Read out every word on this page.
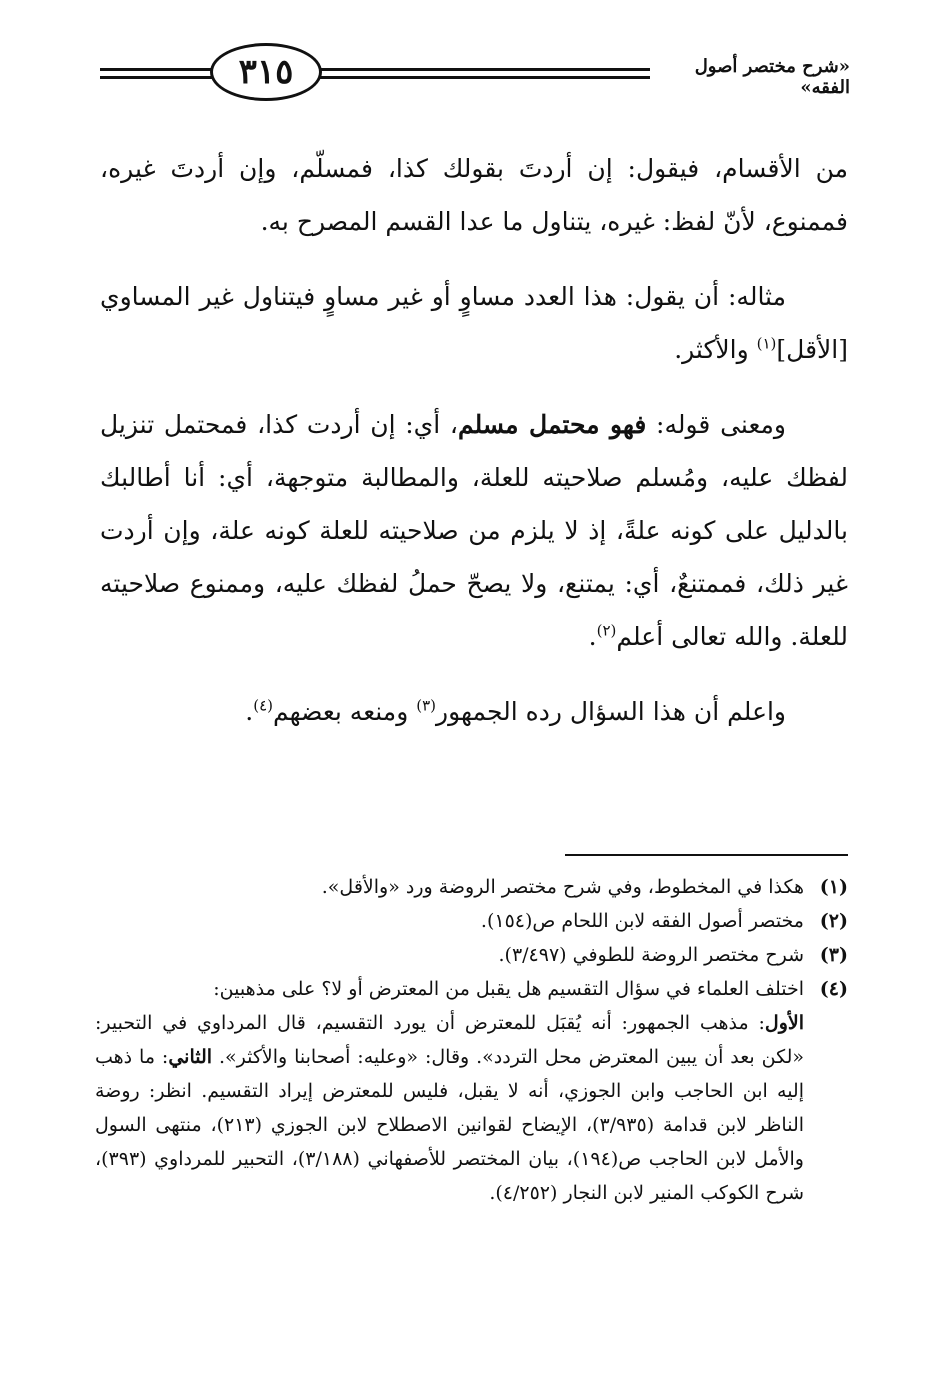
٣١٥	«شرح مختصر أصول الفقه»

من الأقسام، فيقول: إن أردتَ بقولك كذا، فمسلّم، وإن أردتَ غيره، فممنوع، لأنّ لفظ: غيره، يتناول ما عدا القسم المصرح به.

مثاله: أن يقول: هذا العدد مساوٍ أو غير مساوٍ فيتناول غير المساوي [الأقل]$^{(١)}$ والأكثر.

ومعنى قوله: فهو محتمل مسلم، أي: إن أردت كذا، فمحتمل تنزيل لفظك عليه، ومُسلم صلاحيته للعلة، والمطالبة متوجهة، أي: أنا أطالبك بالدليل على كونه علةً، إذ لا يلزم من صلاحيته للعلة كونه علة، وإن أردت غير ذلك، فممتنعٌ، أي: يمتنع، ولا يصحّ حملُ لفظك عليه، وممنوع صلاحيته للعلة. والله تعالى أعلم$^{(٢)}$.

واعلم أن هذا السؤال رده الجمهور$^{(٣)}$ ومنعه بعضهم$^{(٤)}$.

(١)

هكذا في المخطوط، وفي شرح مختصر الروضة ورد «والأقل».

(٢)

مختصر أصول الفقه لابن اللحام ص(١٥٤).

(٣)

شرح مختصر الروضة للطوفي (٣/٤٩٧).

(٤)

اختلف العلماء في سؤال التقسيم هل يقبل من المعترض أو لا؟ على مذهبين:

الأول: مذهب الجمهور: أنه يُقبَل للمعترض أن يورد التقسيم، قال المرداوي في التحبير: «لكن بعد أن يبين المعترض محل التردد». وقال: «وعليه: أصحابنا والأكثر». الثاني: ما ذهب إليه ابن الحاجب وابن الجوزي، أنه لا يقبل، فليس للمعترض إيراد التقسيم. انظر: روضة الناظر لابن قدامة (٣/٩٣٥)، الإيضاح لقوانين الاصطلاح لابن الجوزي (٢١٣)، منتهى السول والأمل لابن الحاجب ص(١٩٤)، بيان المختصر للأصفهاني (٣/١٨٨)، التحبير للمرداوي (٣٩٣)، شرح الكوكب المنير لابن النجار (٤/٢٥٢).
